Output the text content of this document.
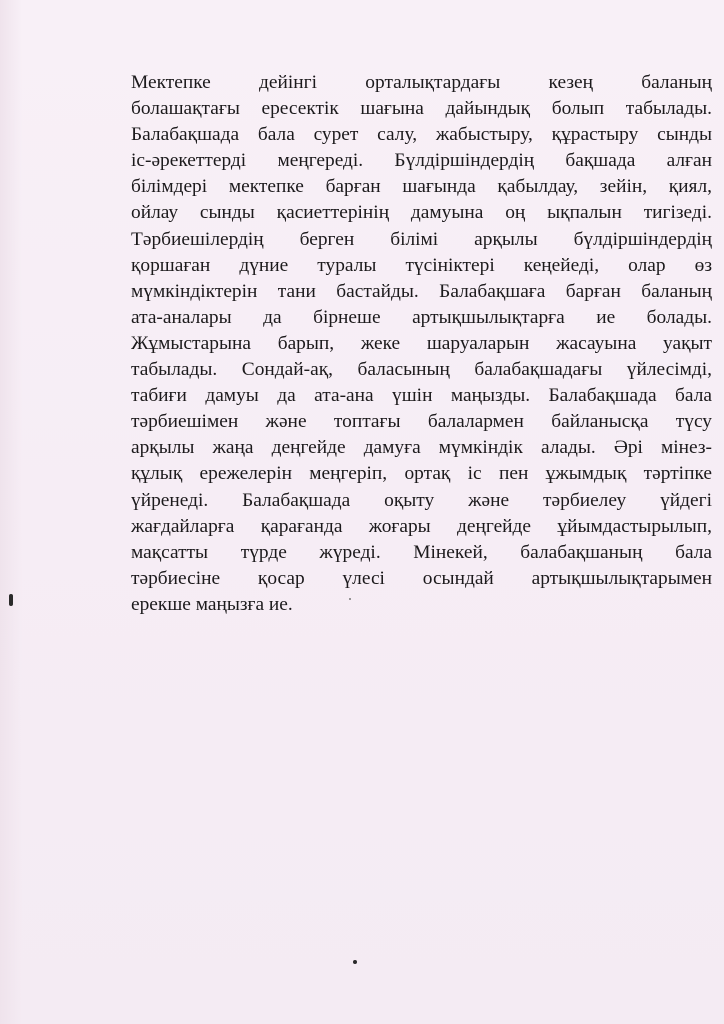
Мектепке дейінгі орталықтардағы кезең баланың
болашақтағы ересектік шағына дайындық болып табылады.
Балабақшада бала сурет салу, жабыстыру, құрастыру сынды
іс-әрекеттерді меңгереді. Бүлдіршіндердің бақшада алған
білімдері мектепке барған шағында қабылдау, зейін, қиял,
ойлау сынды қасиеттерінің дамуына оң ықпалын тигізеді.
Тәрбиешілердің берген білімі арқылы бүлдіршіндердің
қоршаған дүние туралы түсініктері кеңейеді, олар өз
мүмкіндіктерін тани бастайды. Балабақшаға барған баланың
ата-аналары да бірнеше артықшылықтарға ие болады.
Жұмыстарына барып, жеке шаруаларын жасауына уақыт
табылады. Сондай-ақ, баласының балабақшадағы үйлесімді,
табиғи дамуы да ата-ана үшін маңызды. Балабақшада бала
тәрбиешімен және топтағы балалармен байланысқа түсу
арқылы жаңа деңгейде дамуға мүмкіндік алады. Әрі мінез-
құлық ережелерін меңгеріп, ортақ іс пен ұжымдық тәртіпке
үйренеді. Балабақшада оқыту және тәрбиелеу үйдегі
жағдайларға қарағанда жоғары деңгейде ұйымдастырылып,
мақсатты түрде жүреді. Мінекей, балабақшаның бала
тәрбиесіне қосар үлесі осындай артықшылықтарымен
ерекше маңызға ие.
